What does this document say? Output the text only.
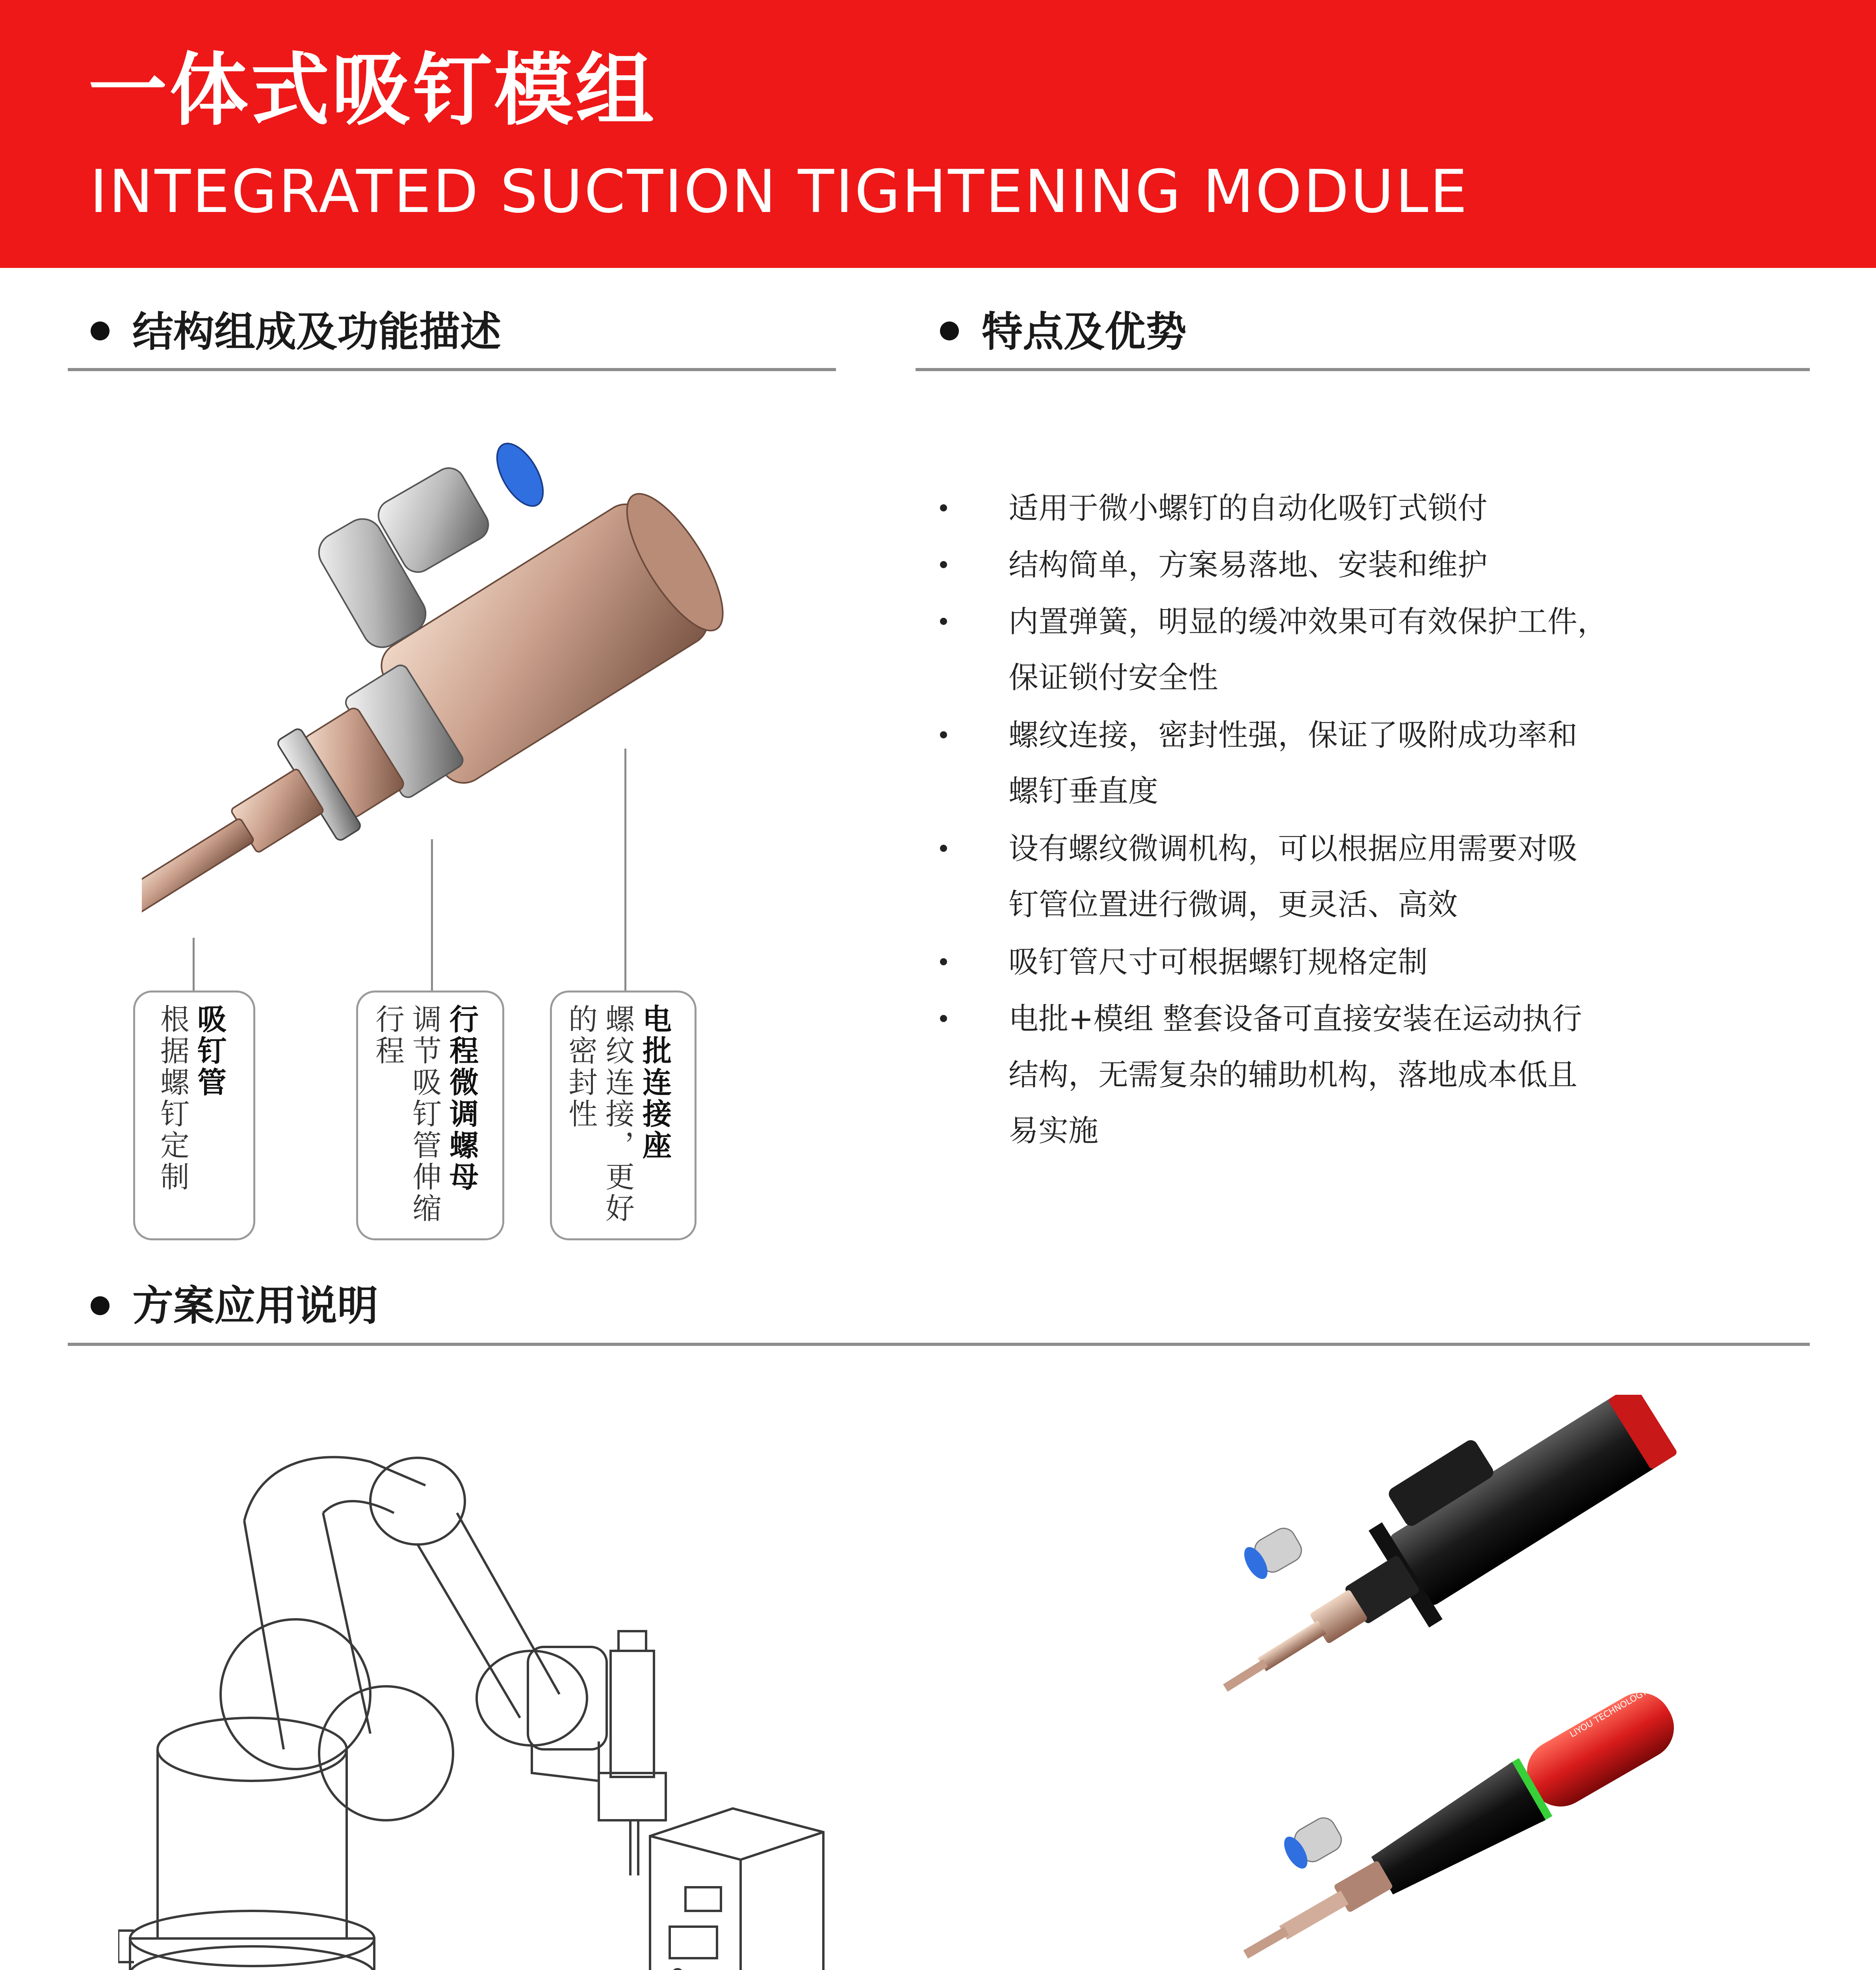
一体式吸钉模组
INTEGRATED SUCTION TIGHTENING MODULE
结构组成及功能描述	特点及优势
吸钉管
根据螺钉定制	行程微调螺母
调节吸钉管伸缩
行程	电批连接座
螺纹连接，更好
的密封性
适用于微小螺钉的自动化吸钉式锁付
结构简单，方案易落地、安装和维护
内置弹簧，明显的缓冲效果可有效保护工件，
保证锁付安全性
螺纹连接，密封性强，保证了吸附成功率和
螺钉垂直度
设有螺纹微调机构，可以根据应用需要对吸
钉管位置进行微调，更灵活、高效
吸钉管尺寸可根据螺钉规格定制
电批+模组 整套设备可直接安装在运动执行
结构，无需复杂的辅助机构，落地成本低且
易实施
方案应用说明
LIYOU TECHNOLOGY
